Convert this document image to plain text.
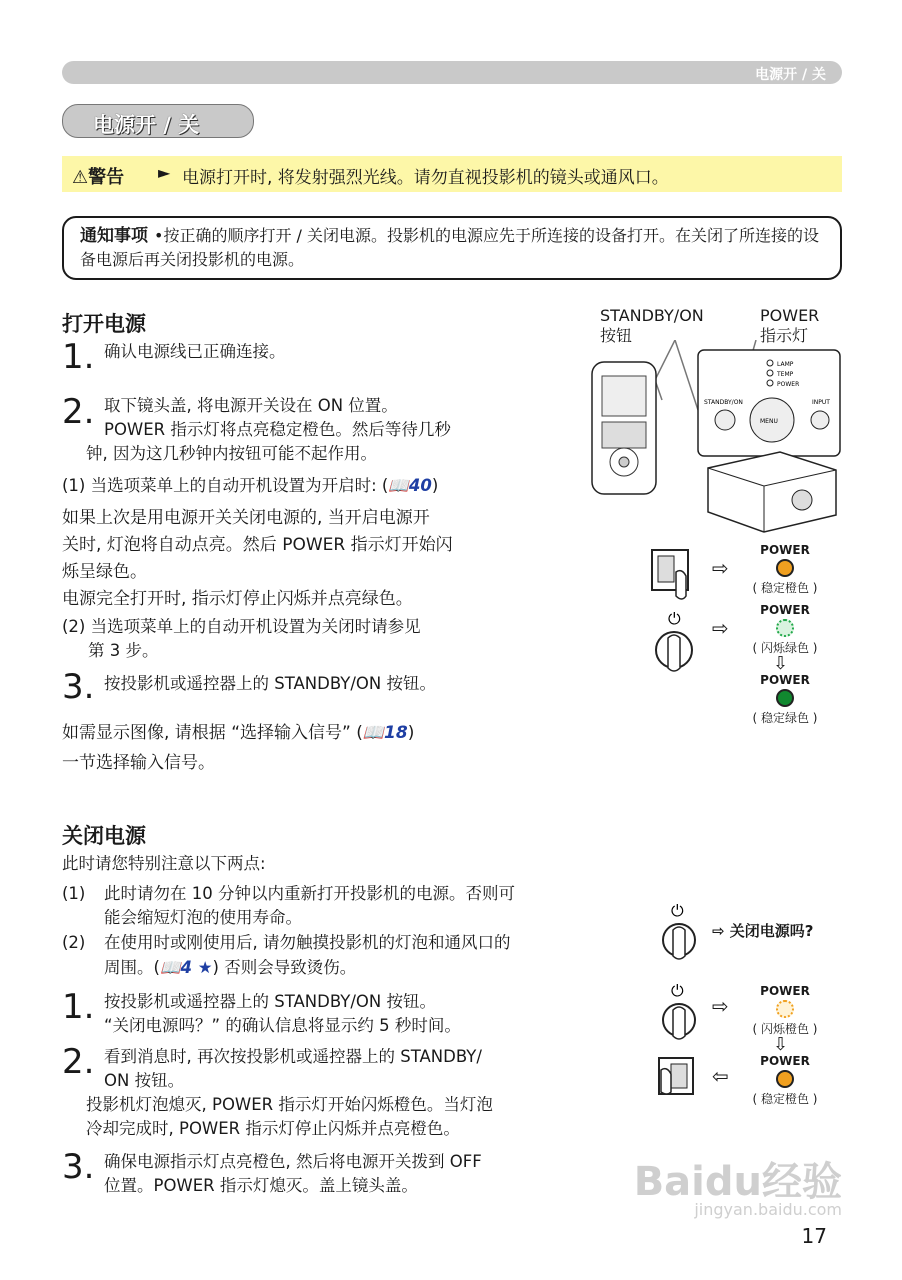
电源开 / 关
电源开 / 关
⚠警告 ► 电源打开时, 将发射强烈光线。请勿直视投影机的镜头或通风口。
通知事项 •按正确的顺序打开 / 关闭电源。投影机的电源应先于所连接的设备打开。在关闭了所连接的设备电源后再关闭投影机的电源。
打开电源
1. 确认电源线已正确连接。
2. 取下镜头盖, 将电源开关设在 ON 位置。
POWER 指示灯将点亮稳定橙色。然后等待几秒
钟, 因为这几秒钟内按钮可能不起作用。
(1) 当选项菜单上的自动开机设置为开启时: (📖40)
如果上次是用电源开关关闭电源的, 当开启电源开
关时, 灯泡将自动点亮。然后 POWER 指示灯开始闪
烁呈绿色。
电源完全打开时, 指示灯停止闪烁并点亮绿色。
(2) 当选项菜单上的自动开机设置为关闭时请参见
第 3 步。
3. 按投影机或遥控器上的 STANDBY/ON 按钮。
如需显示图像, 请根据 “选择输入信号” (📖18)
一节选择输入信号。
关闭电源
此时请您特别注意以下两点:
(1) 此时请勿在 10 分钟以内重新打开投影机的电源。否则可
能会缩短灯泡的使用寿命。
(2) 在使用时或刚使用后, 请勿触摸投影机的灯泡和通风口的
周围。(📖4 ★) 否则会导致烫伤。
1. 按投影机或遥控器上的 STANDBY/ON 按钮。
“关闭电源吗？” 的确认信息将显示约 5 秒时间。
2. 看到消息时, 再次按投影机或遥控器上的 STANDBY/
ON 按钮。
投影机灯泡熄灭, POWER 指示灯开始闪烁橙色。当灯泡
冷却完成时, POWER 指示灯停止闪烁并点亮橙色。
3. 确保电源指示灯点亮橙色, 然后将电源开关拨到 OFF
位置。POWER 指示灯熄灭。盖上镜头盖。
STANDBY/ON
按钮
POWER
指示灯
LAMP
TEMP
POWER
STANDBY/ON
MENU
INPUT
⏻
⇨
⇨
POWER
( 稳定橙色 )
POWER
( 闪烁绿色 )
⇩
POWER
( 稳定绿色 )
⏻
⏻
⇨ 关闭电源吗?
⇨
⇦
POWER
( 闪烁橙色 )
⇩
POWER
( 稳定橙色 )
Baidu经验
jingyan.baidu.com
17
